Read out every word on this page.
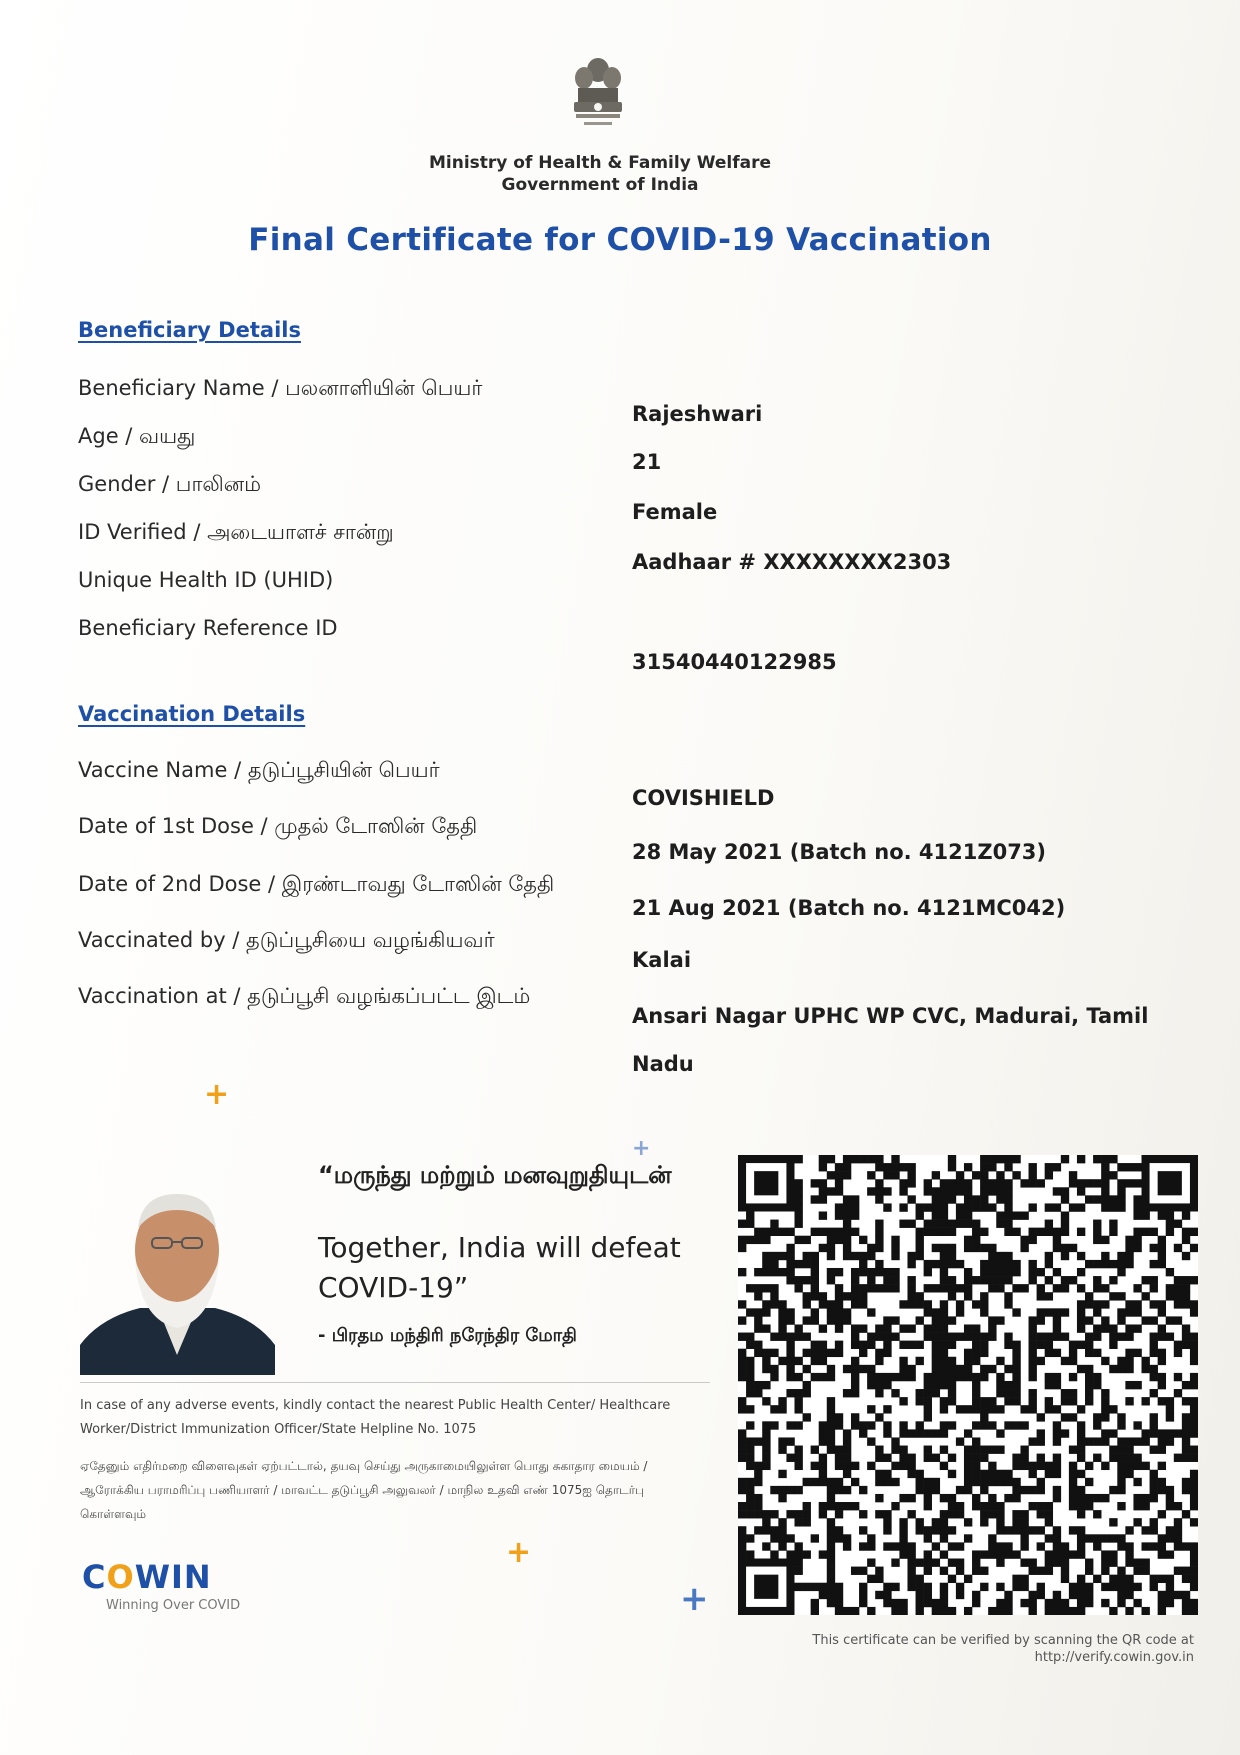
Ministry of Health & Family Welfare
Government of India
Final Certificate for COVID-19 Vaccination
Beneficiary Details
Beneficiary Name / பலனாளியின் பெயர்
Age / வயது
Gender / பாலினம்
ID Verified / அடையாளச் சான்று
Unique Health ID (UHID)
Beneficiary Reference ID
Rajeshwari
21
Female
Aadhaar # XXXXXXXX2303
31540440122985
Vaccination Details
Vaccine Name / தடுப்பூசியின் பெயர்
Date of 1st Dose / முதல் டோஸின் தேதி
Date of 2nd Dose / இரண்டாவது டோஸின் தேதி
Vaccinated by / தடுப்பூசியை வழங்கியவர்
Vaccination at / தடுப்பூசி வழங்கப்பட்ட இடம்
COVISHIELD
28 May 2021 (Batch no. 4121Z073)
21 Aug 2021 (Batch no. 4121MC042)
Kalai
Ansari Nagar UPHC WP CVC, Madurai, Tamil
Nadu
+
+
+
+
“மருந்து மற்றும் மனவுறுதியுடன்
Together, India will defeat COVID-19”
- பிரதம மந்திரி நரேந்திர மோதி
In case of any adverse events, kindly contact the nearest Public Health Center/ Healthcare Worker/District Immunization Officer/State Helpline No. 1075
ஏதேனும் எதிர்மறை விளைவுகள் ஏற்பட்டால், தயவு செய்து அருகாமையிலுள்ள பொது சுகாதார மையம் / ஆரோக்கிய பராமரிப்பு பணியாளர் / மாவட்ட தடுப்பூசி அலுவலர் / மாநில உதவி எண் 1075ஐ தொடர்பு கொள்ளவும்
COWIN
Winning Over COVID
This certificate can be verified by scanning the QR code at http://verify.cowin.gov.in
